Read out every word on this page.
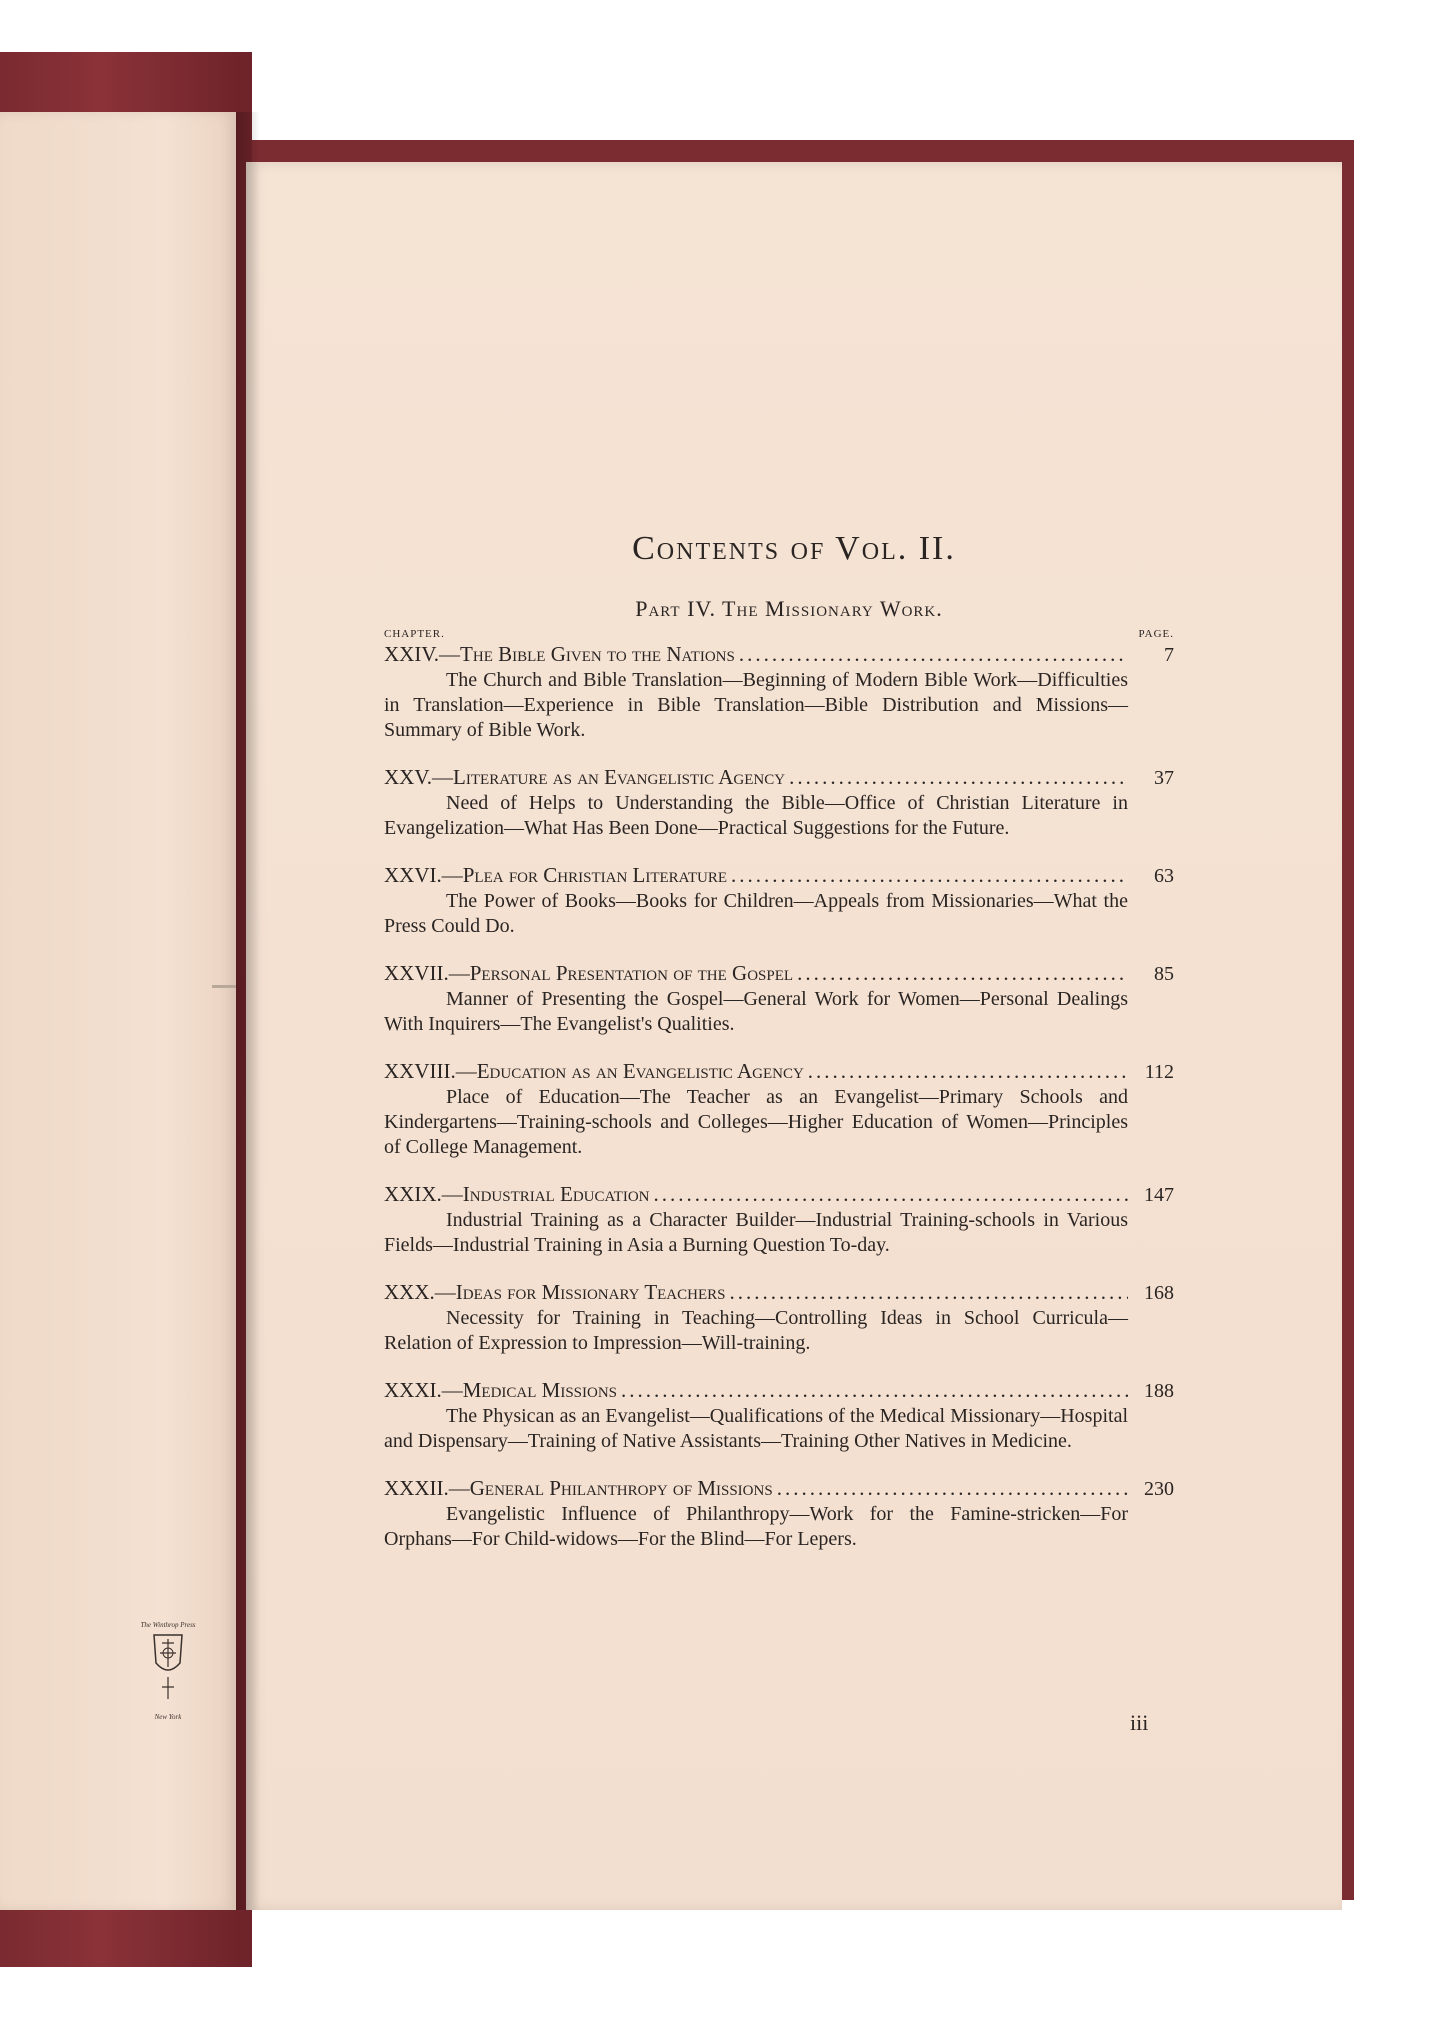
The Winthrop Press
New York
Contents of Vol. II.
Part IV. The Missionary Work.
CHAPTER.	PAGE.
XXIV.— The Bible Given to the Nations .....	7
The Church and Bible Translation—Beginning of Modern Bible Work—Difficulties in Translation—Experience in Bible Translation—Bible Distribution and Missions—Summary of Bible Work.
XXV.— Literature as an Evangelistic Agency .....	37
Need of Helps to Understanding the Bible—Office of Christian Literature in Evangelization—What Has Been Done—Practical Suggestions for the Future.
XXVI.— Plea for Christian Literature .....	63
The Power of Books—Books for Children—Appeals from Missionaries—What the Press Could Do.
XXVII.— Personal Presentation of the Gospel .....	85
Manner of Presenting the Gospel—General Work for Women—Personal Dealings With Inquirers—The Evangelist's Qualities.
XXVIII.— Education as an Evangelistic Agency .....	112
Place of Education—The Teacher as an Evangelist—Primary Schools and Kindergartens—Training-schools and Colleges—Higher Education of Women—Principles of College Management.
XXIX.— Industrial Education .....	147
Industrial Training as a Character Builder—Industrial Training-schools in Various Fields—Industrial Training in Asia a Burning Question To-day.
XXX.— Ideas for Missionary Teachers .....	168
Necessity for Training in Teaching—Controlling Ideas in School Curricula—Relation of Expression to Impression—Will-training.
XXXI.— Medical Missions .....	188
The Physican as an Evangelist—Qualifications of the Medical Missionary—Hospital and Dispensary—Training of Native Assistants—Training Other Natives in Medicine.
XXXII.— General Philanthropy of Missions .....	230
Evangelistic Influence of Philanthropy—Work for the Famine-stricken—For Orphans—For Child-widows—For the Blind—For Lepers.
iii
